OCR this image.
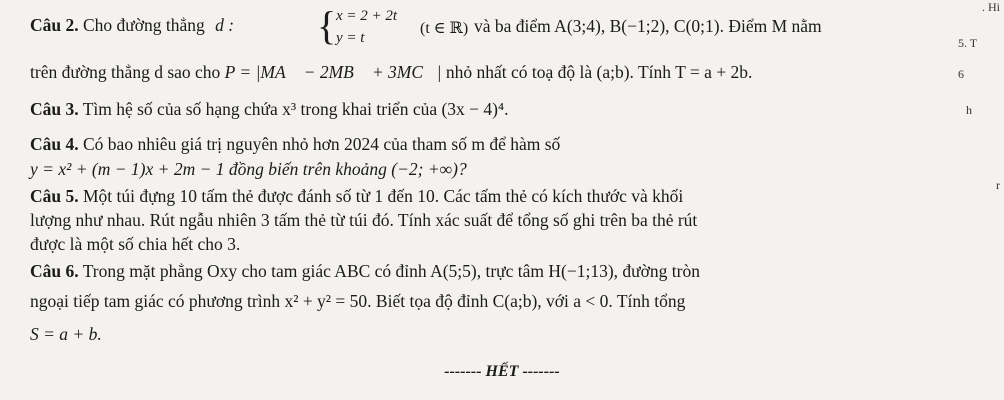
Câu 2. Cho đường thẳng d :	{ x = 2 + 2t
y = t
(t ∈ ℝ) và ba điểm A(3;4), B(−1;2), C(0;1). Điểm M nằm
trên đường thẳng d sao cho P = |MA⃗ − 2MB⃗ + 3MC⃗| nhỏ nhất có toạ độ là (a;b). Tính T = a + 2b.
Câu 3. Tìm hệ số của số hạng chứa x³ trong khai triển của (3x − 4)⁴.
Câu 4. Có bao nhiêu giá trị nguyên nhỏ hơn 2024 của tham số m để hàm số
y = x² + (m − 1)x + 2m − 1 đồng biến trên khoảng (−2; +∞)?
Câu 5. Một túi đựng 10 tấm thẻ được đánh số từ 1 đến 10. Các tấm thẻ có kích thước và khối
lượng như nhau. Rút ngẫu nhiên 3 tấm thẻ từ túi đó. Tính xác suất để tổng số ghi trên ba thẻ rút
được là một số chia hết cho 3.
Câu 6. Trong mặt phẳng Oxy cho tam giác ABC có đỉnh A(5;5), trực tâm H(−1;13), đường tròn
ngoại tiếp tam giác có phương trình x² + y² = 50. Biết tọa độ đỉnh C(a;b), với a < 0. Tính tổng
S = a + b.
------- HẾT -------
. Hi
5. T
6
h
r
